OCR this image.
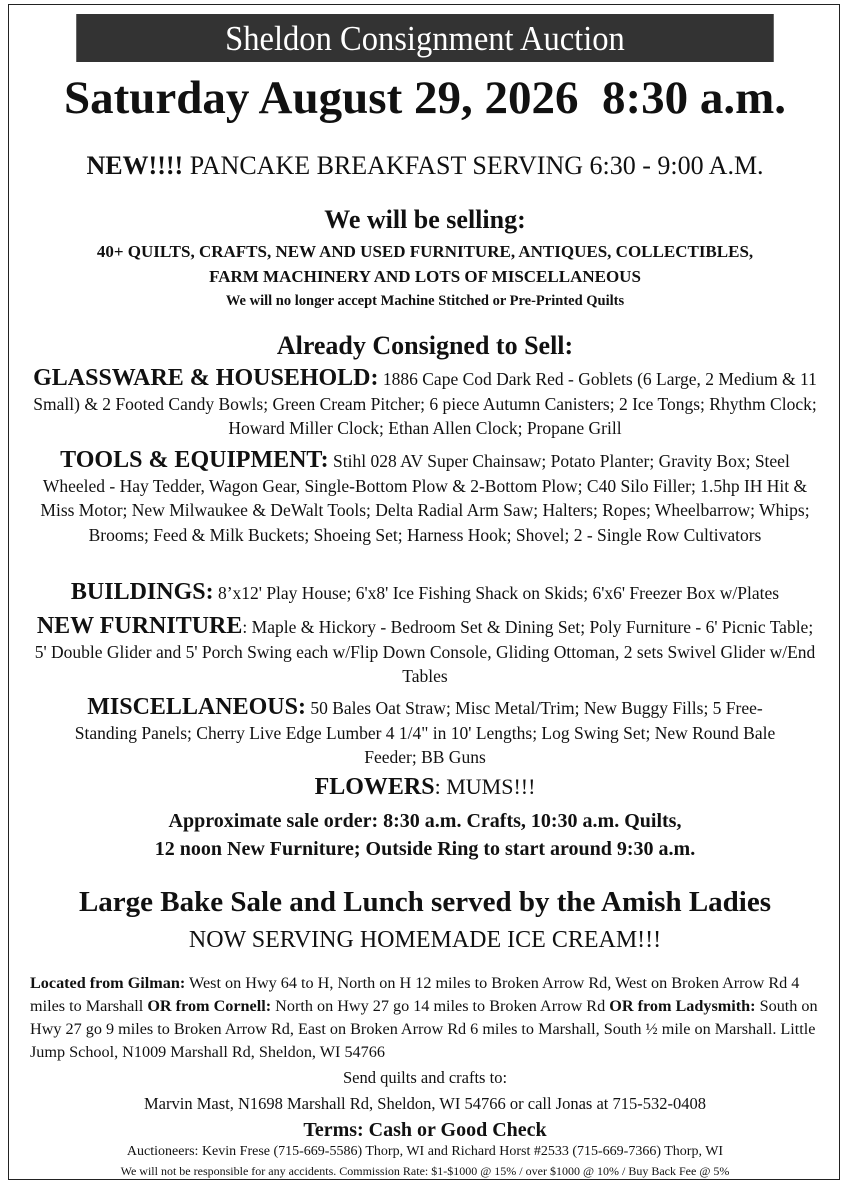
Sheldon Consignment Auction
Saturday August 29, 2026  8:30 a.m.
NEW!!!! PANCAKE BREAKFAST SERVING 6:30 - 9:00 A.M.
We will be selling:
40+ QUILTS, CRAFTS, NEW AND USED FURNITURE, ANTIQUES, COLLECTIBLES,
FARM MACHINERY AND LOTS OF MISCELLANEOUS
We will no longer accept Machine Stitched or Pre-Printed Quilts
Already Consigned to Sell:
GLASSWARE & HOUSEHOLD: 1886 Cape Cod Dark Red - Goblets (6 Large, 2 Medium & 11 Small) & 2 Footed Candy Bowls; Green Cream Pitcher; 6 piece Autumn Canisters; 2 Ice Tongs; Rhythm Clock; Howard Miller Clock; Ethan Allen Clock; Propane Grill
TOOLS & EQUIPMENT: Stihl 028 AV Super Chainsaw; Potato Planter; Gravity Box; Steel Wheeled - Hay Tedder, Wagon Gear, Single-Bottom Plow & 2-Bottom Plow; C40 Silo Filler; 1.5hp IH Hit & Miss Motor; New Milwaukee & DeWalt Tools; Delta Radial Arm Saw; Halters; Ropes; Wheelbarrow; Whips; Brooms; Feed & Milk Buckets; Shoeing Set; Harness Hook; Shovel; 2 - Single Row Cultivators
BUILDINGS: 8’x12' Play House; 6'x8' Ice Fishing Shack on Skids; 6'x6' Freezer Box w/Plates
NEW FURNITURE: Maple & Hickory - Bedroom Set & Dining Set; Poly Furniture - 6' Picnic Table; 5' Double Glider and 5' Porch Swing each w/Flip Down Console, Gliding Ottoman, 2 sets Swivel Glider w/End Tables
MISCELLANEOUS: 50 Bales Oat Straw; Misc Metal/Trim; New Buggy Fills; 5 Free-Standing Panels; Cherry Live Edge Lumber 4 1/4" in 10' Lengths; Log Swing Set; New Round Bale Feeder; BB Guns
FLOWERS: MUMS!!!
Approximate sale order: 8:30 a.m. Crafts, 10:30 a.m. Quilts,
12 noon New Furniture; Outside Ring to start around 9:30 a.m.
Large Bake Sale and Lunch served by the Amish Ladies
NOW SERVING HOMEMADE ICE CREAM!!!
Located from Gilman: West on Hwy 64 to H, North on H 12 miles to Broken Arrow Rd, West on Broken Arrow Rd 4 miles to Marshall OR from Cornell: North on Hwy 27 go 14 miles to Broken Arrow Rd OR from Ladysmith: South on Hwy 27 go 9 miles to Broken Arrow Rd, East on Broken Arrow Rd 6 miles to Marshall, South ½ mile on Marshall. Little Jump School, N1009 Marshall Rd, Sheldon, WI 54766
Send quilts and crafts to:
Marvin Mast, N1698 Marshall Rd, Sheldon, WI 54766 or call Jonas at 715-532-0408
Terms: Cash or Good Check
Auctioneers: Kevin Frese (715-669-5586) Thorp, WI and Richard Horst #2533 (715-669-7366) Thorp, WI
We will not be responsible for any accidents. Commission Rate: $1-$1000 @ 15% / over $1000 @ 10% / Buy Back Fee @ 5%
